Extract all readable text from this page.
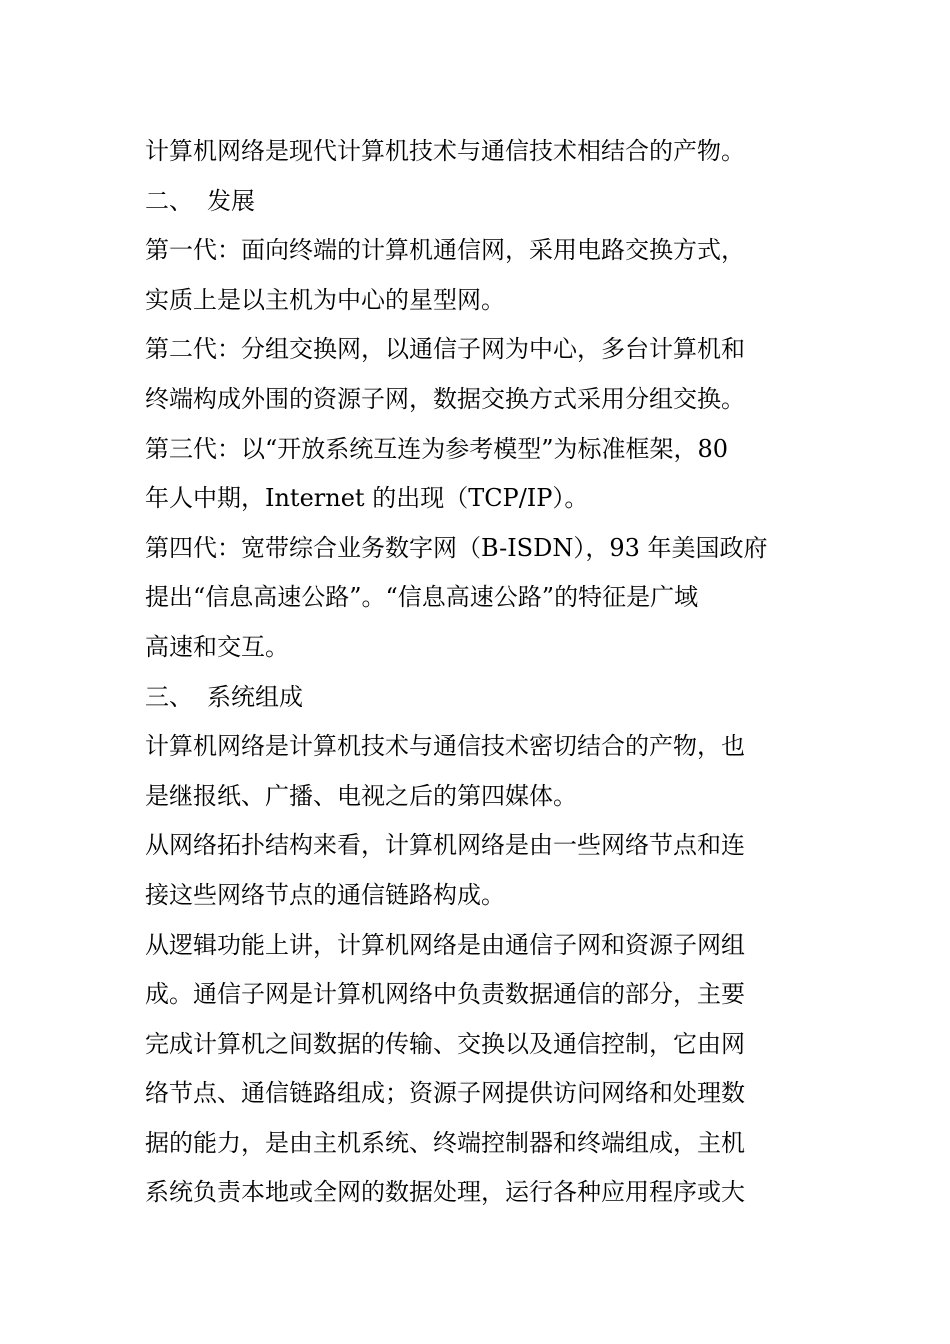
计算机网络是现代计算机技术与通信技术相结合的产物。
二、 发展
第一代：面向终端的计算机通信网，采用电路交换方式，
实质上是以主机为中心的星型网。
第二代：分组交换网，以通信子网为中心，多台计算机和
终端构成外围的资源子网，数据交换方式采用分组交换。
第三代：以“开放系统互连为参考模型”为标准框架，80
年人中期，Internet 的出现（TCP/IP）。
第四代：宽带综合业务数字网（B-ISDN），93 年美国政府
提出“信息高速公路”。“信息高速公路”的特征是广域
高速和交互。
三、 系统组成
计算机网络是计算机技术与通信技术密切结合的产物，也
是继报纸、广播、电视之后的第四媒体。
从网络拓扑结构来看，计算机网络是由一些网络节点和连
接这些网络节点的通信链路构成。
从逻辑功能上讲，计算机网络是由通信子网和资源子网组
成。通信子网是计算机网络中负责数据通信的部分，主要
完成计算机之间数据的传输、交换以及通信控制，它由网
络节点、通信链路组成；资源子网提供访问网络和处理数
据的能力，是由主机系统、终端控制器和终端组成，主机
系统负责本地或全网的数据处理，运行各种应用程序或大
